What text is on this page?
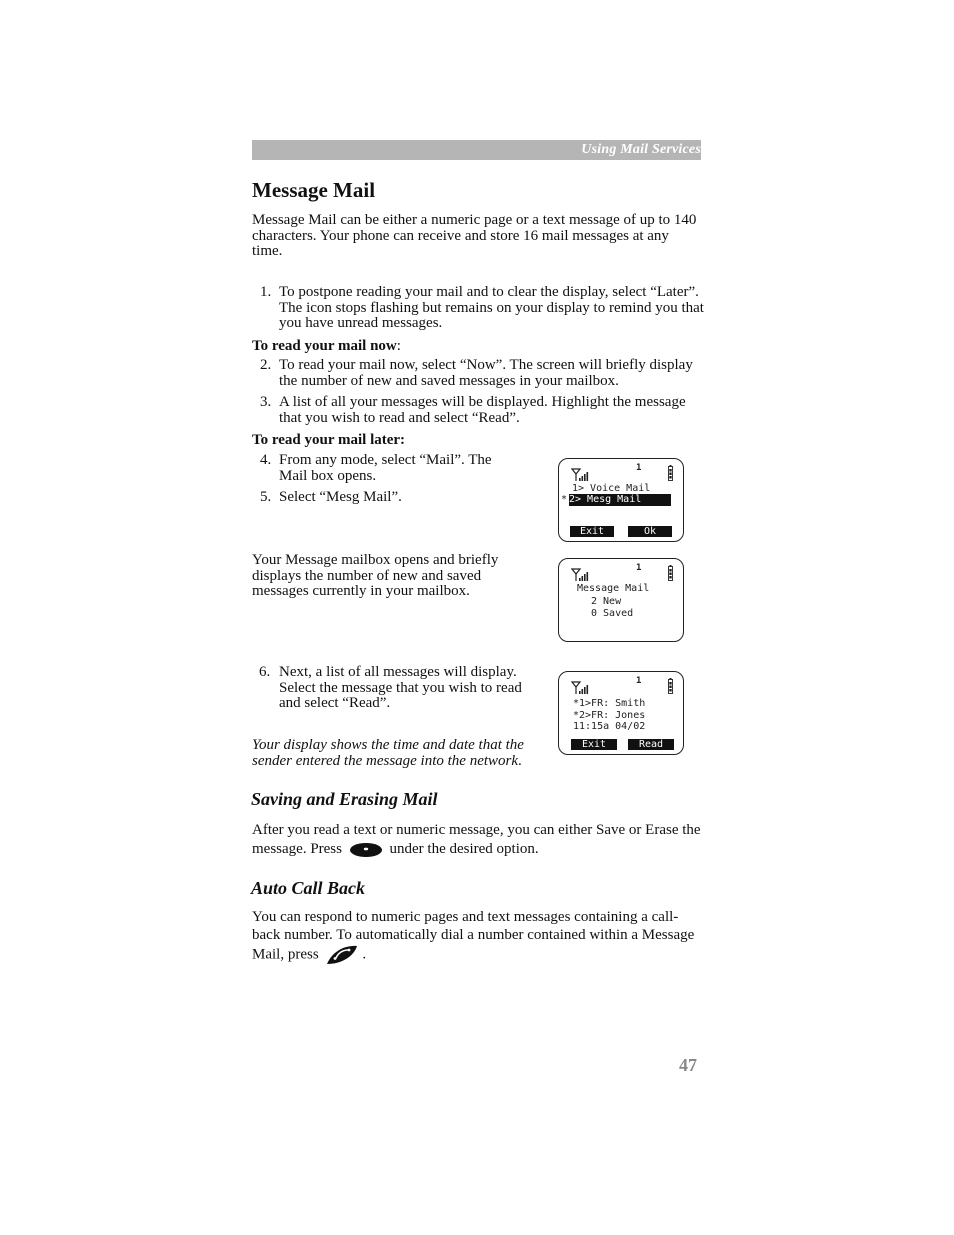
Using Mail Services
Message Mail

Message Mail can be either a numeric page or a text message of up to 140 characters. Your phone can receive and store 16 mail messages at any time.

1. To postpone reading your mail and to clear the display, select “Later”. The icon stops flashing but remains on your display to remind you that you have unread messages.

To read your mail now:

2. To read your mail now, select “Now”. The screen will briefly display the number of new and saved messages in your mailbox.
3. A list of all your messages will be displayed. Highlight the message that you wish to read and select “Read”.

To read your mail later:

4. From any mode, select “Mail”. The Mail box opens.
5. Select “Mesg Mail”.
1
1> Voice Mail
* 2> Mesg Mail
Exit	Ok

Your Message mailbox opens and briefly displays the number of new and saved messages currently in your mailbox.

1
Message Mail
2 New
0 Saved
6. Next, a list of all messages will display. Select the message that you wish to read and select “Read”.

Your display shows the time and date that the sender entered the message into the network.

1
*1>FR: Smith
*2>FR: Jones
11:15a 04/02
Exit	Read
Saving and Erasing Mail

After you read a text or numeric message, you can either Save or Erase the message. Press	under the desired option.

Auto Call Back

You can respond to numeric pages and text messages containing a call-back number. To automatically dial a number contained within a Message Mail, press	.

47
